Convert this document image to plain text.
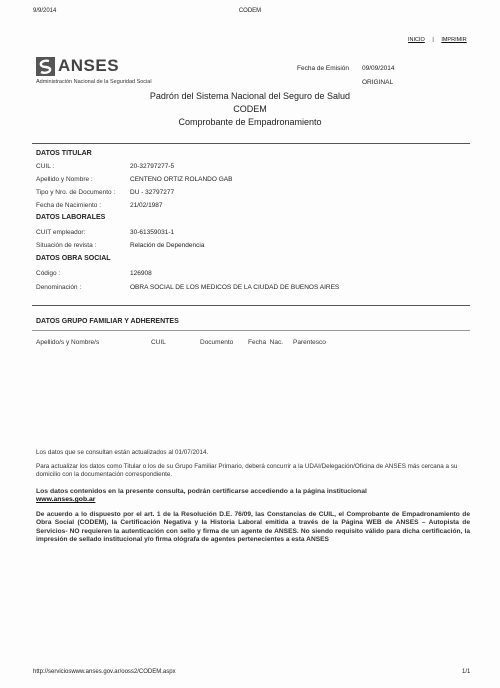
9/9/2014	CODEM
INICIO | IMPRIMIR
ANSES
Administración Nacional de la Seguridad Social
Fecha de Emisión 09/09/2014
ORIGINAL
Padrón del Sistema Nacional del Seguro de Salud
CODEM
Comprobante de Empadronamiento
DATOS TITULAR
CUIL :	20-32797277-5
Apellido y Nombre :	CENTENO ORTIZ ROLANDO GAB
Tipo y Nro. de Documento : DU - 32797277
Fecha de Nacimiento :	21/02/1987
DATOS LABORALES
CUIT empleador:	30-61359031-1
Situación de revista :	Relación de Dependencia
DATOS OBRA SOCIAL
Código :	126908
Denominación :	OBRA SOCIAL DE LOS MEDICOS DE LA CIUDAD DE BUENOS AIRES
DATOS GRUPO FAMILIAR Y ADHERENTES
Apellido/s y Nombre/s	CUIL	Documento Fecha  Nac. Parentesco
Los datos que se consultan están actualizados al 01/07/2014.
Para actualizar los datos como Titular o los de su Grupo Familiar Primario, deberá concurrir a la UDAI/Delegación/Oficina de ANSES más cercana a su domicilio con la documentación correspondiente.
Los datos contenidos en la presente consulta, podrán certificarse accediendo a la página institucional
www.anses.gob.ar
De acuerdo a lo dispuesto por el art. 1 de la Resolución D.E. 76/09, las Constancias de CUIL, el Comprobante de Empadronamiento de Obra Social (CODEM), la Certificación Negativa y la Historia Laboral emitida a través de la Página WEB de ANSES – Autopista de Servicios- NO requieren la autenticación con sello y firma de un agente de ANSES. No siendo requisito válido para dicha certificación, la impresión de sellado institucional y/o firma ológrafa de agentes pertenecientes a esta ANSES
http://servicioswww.anses.gov.ar/ooss2/CODEM.aspx	1/1
